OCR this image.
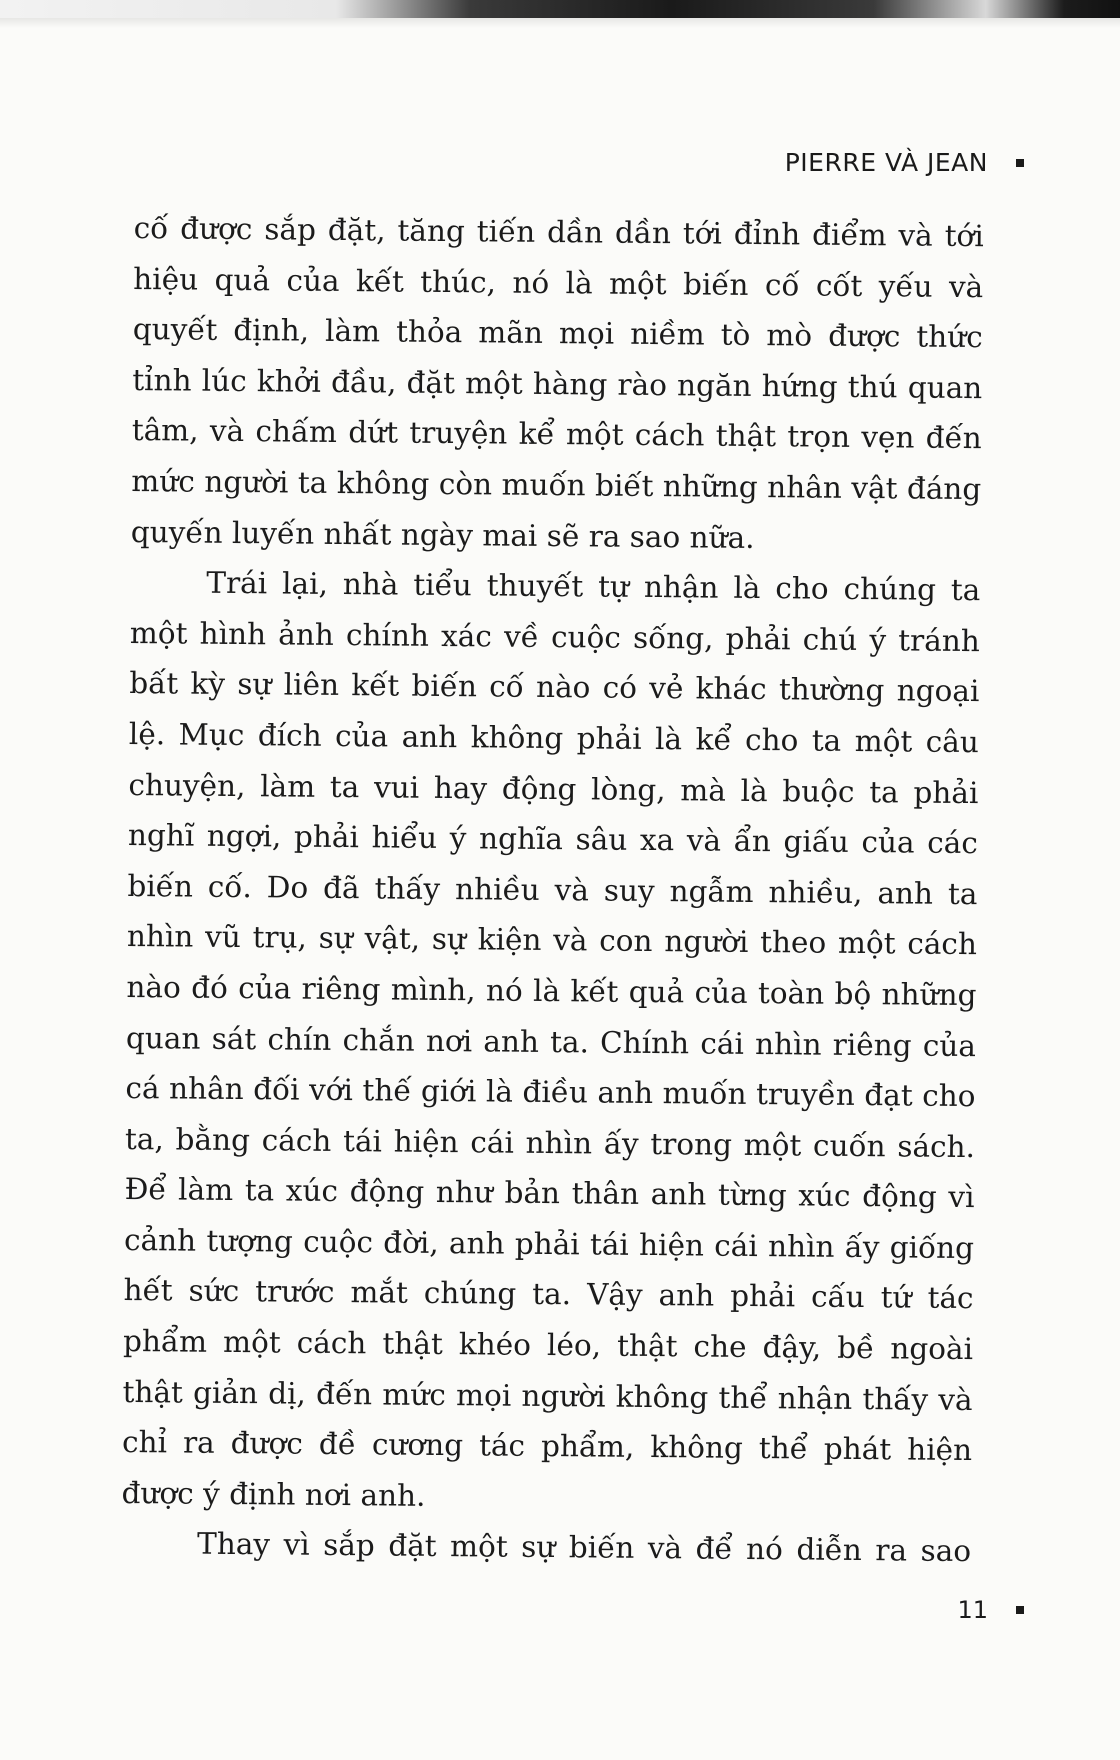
PIERRE VÀ JEAN

cố được sắp đặt, tăng tiến dần dần tới đỉnh điểm và tới hiệu quả của kết thúc, nó là một biến cố cốt yếu và quyết định, làm thỏa mãn mọi niềm tò mò được thức tỉnh lúc khởi đầu, đặt một hàng rào ngăn hứng thú quan tâm, và chấm dứt truyện kể một cách thật trọn vẹn đến mức người ta không còn muốn biết những nhân vật đáng quyến luyến nhất ngày mai sẽ ra sao nữa.

Trái lại, nhà tiểu thuyết tự nhận là cho chúng ta một hình ảnh chính xác về cuộc sống, phải chú ý tránh bất kỳ sự liên kết biến cố nào có vẻ khác thường ngoại lệ. Mục đích của anh không phải là kể cho ta một câu chuyện, làm ta vui hay động lòng, mà là buộc ta phải nghĩ ngợi, phải hiểu ý nghĩa sâu xa và ẩn giấu của các biến cố. Do đã thấy nhiều và suy ngẫm nhiều, anh ta nhìn vũ trụ, sự vật, sự kiện và con người theo một cách nào đó của riêng mình, nó là kết quả của toàn bộ những quan sát chín chắn nơi anh ta. Chính cái nhìn riêng của cá nhân đối với thế giới là điều anh muốn truyền đạt cho ta, bằng cách tái hiện cái nhìn ấy trong một cuốn sách. Để làm ta xúc động như bản thân anh từng xúc động vì cảnh tượng cuộc đời, anh phải tái hiện cái nhìn ấy giống hết sức trước mắt chúng ta. Vậy anh phải cấu tứ tác phẩm một cách thật khéo léo, thật che đậy, bề ngoài thật giản dị, đến mức mọi người không thể nhận thấy và chỉ ra được đề cương tác phẩm, không thể phát hiện được ý định nơi anh.

Thay vì sắp đặt một sự biến và để nó diễn ra sao

11
